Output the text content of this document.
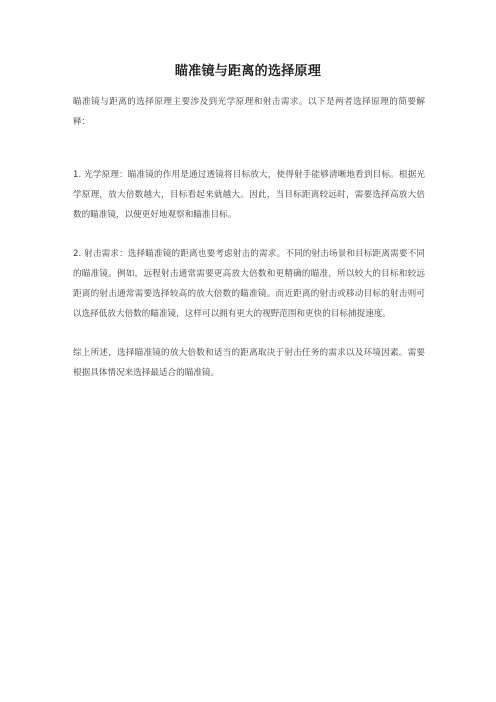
瞄准镜与距离的选择原理
瞄准镜与距离的选择原理主要涉及到光学原理和射击需求。以下是两者选择原理的简要解释：
1. 光学原理：瞄准镜的作用是通过透镜将目标放大，使得射手能够清晰地看到目标。根据光学原理，放大倍数越大，目标看起来就越大。因此，当目标距离较远时，需要选择高放大倍数的瞄准镜，以便更好地观察和瞄准目标。
2. 射击需求：选择瞄准镜的距离也要考虑射击的需求。不同的射击场景和目标距离需要不同的瞄准镜。例如，远程射击通常需要更高放大倍数和更精确的瞄准，所以较大的目标和较远距离的射击通常需要选择较高的放大倍数的瞄准镜。而近距离的射击或移动目标的射击则可以选择低放大倍数的瞄准镜，这样可以拥有更大的视野范围和更快的目标捕捉速度。
综上所述，选择瞄准镜的放大倍数和适当的距离取决于射击任务的需求以及环境因素。需要根据具体情况来选择最适合的瞄准镜。
